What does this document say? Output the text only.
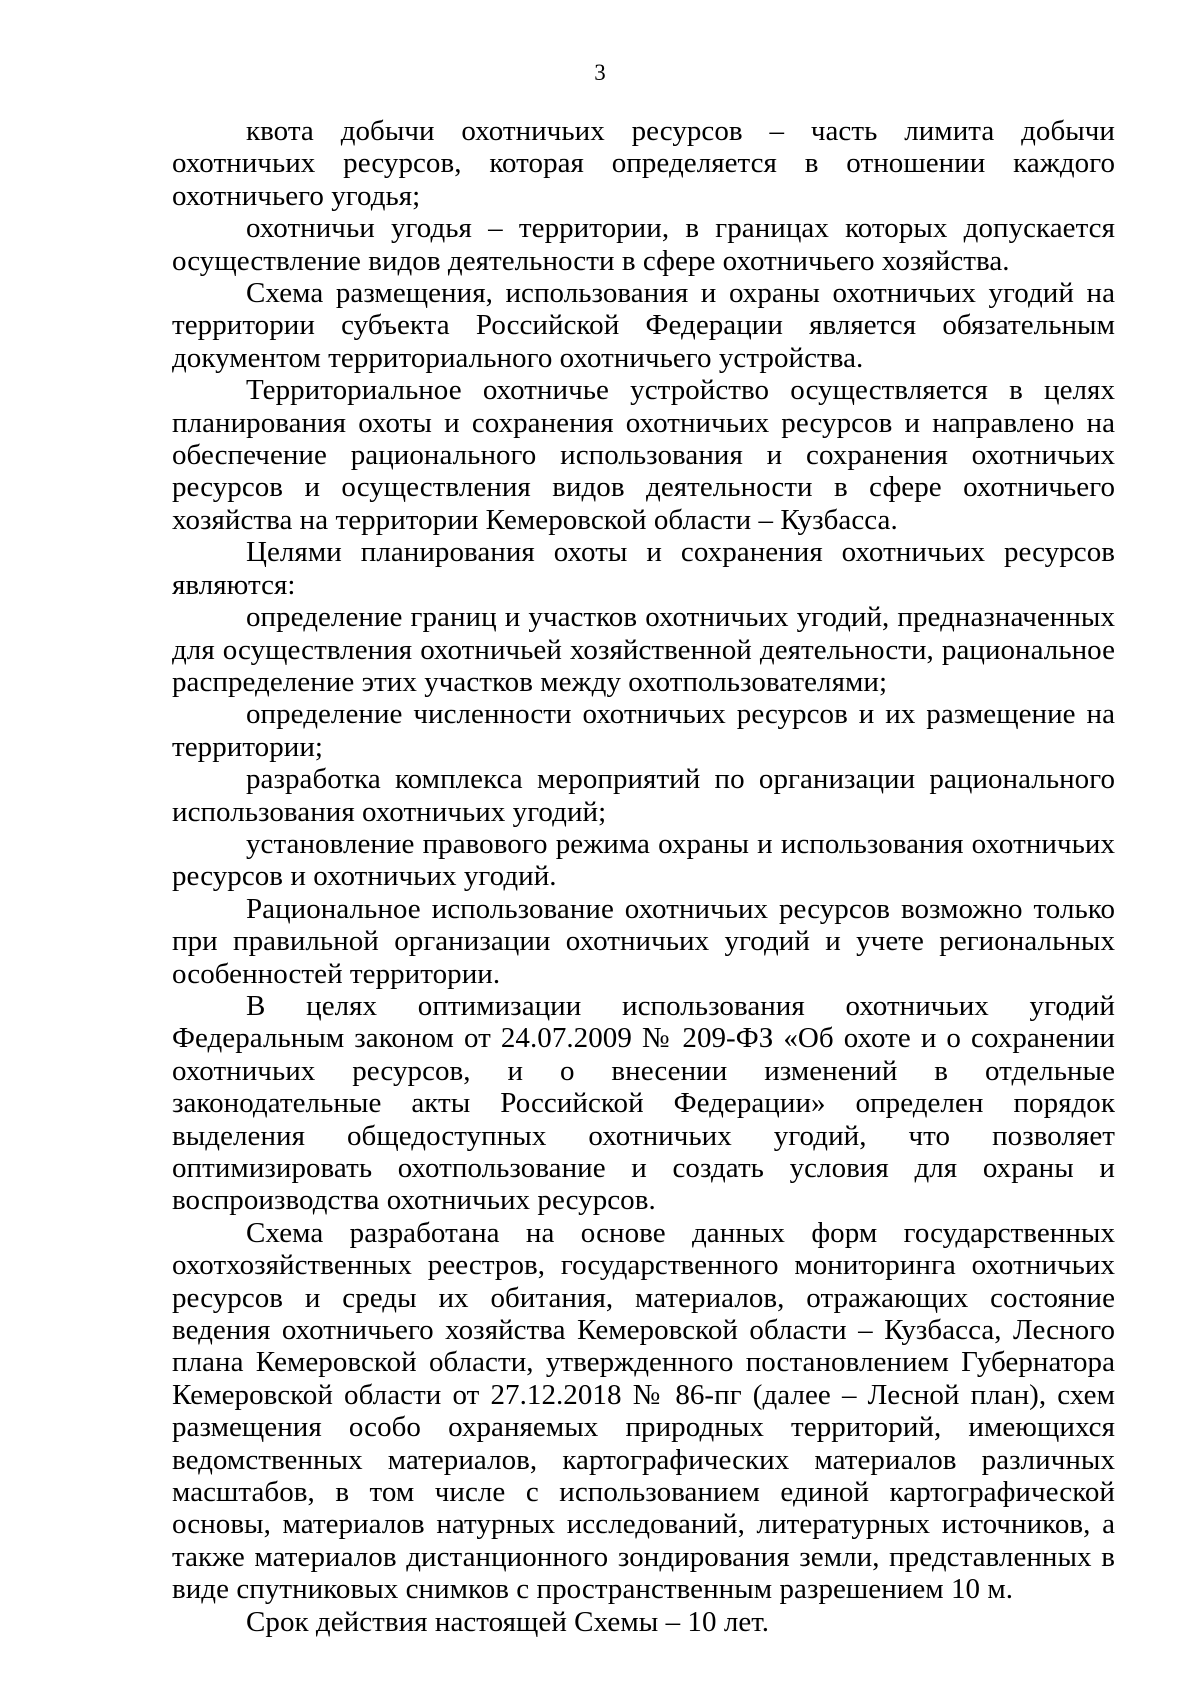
3

квота добычи охотничьих ресурсов – часть лимита добычи охотничьих ресурсов, которая определяется в отношении каждого охотничьего угодья;

охотничьи угодья – территории, в границах которых допускается осуществление видов деятельности в сфере охотничьего хозяйства.

Схема размещения, использования и охраны охотничьих угодий на территории субъекта Российской Федерации является обязательным документом территориального охотничьего устройства.

Территориальное охотничье устройство осуществляется в целях планирования охоты и сохранения охотничьих ресурсов и направлено на обеспечение рационального использования и сохранения охотничьих ресурсов и осуществления видов деятельности в сфере охотничьего хозяйства на территории Кемеровской области – Кузбасса.

Целями планирования охоты и сохранения охотничьих ресурсов являются:

определение границ и участков охотничьих угодий, предназначенных для осуществления охотничьей хозяйственной деятельности, рациональное распределение этих участков между охотпользователями;

определение численности охотничьих ресурсов и их размещение на территории;

разработка комплекса мероприятий по организации рационального использования охотничьих угодий;

установление правового режима охраны и использования охотничьих ресурсов и охотничьих угодий.

Рациональное использование охотничьих ресурсов возможно только при правильной организации охотничьих угодий и учете региональных особенностей территории.

В целях оптимизации использования охотничьих угодий Федеральным законом от 24.07.2009 № 209-ФЗ «Об охоте и о сохранении охотничьих ресурсов, и о внесении изменений в отдельные законодательные акты Российской Федерации» определен порядок выделения общедоступных охотничьих угодий, что позволяет оптимизировать охотпользование и создать условия для охраны и воспроизводства охотничьих ресурсов.

Схема разработана на основе данных форм государственных охотхозяйственных реестров, государственного мониторинга охотничьих ресурсов и среды их обитания, материалов, отражающих состояние ведения охотничьего хозяйства Кемеровской области – Кузбасса, Лесного плана Кемеровской области, утвержденного постановлением Губернатора Кемеровской области от 27.12.2018 № 86-пг (далее – Лесной план), схем размещения особо охраняемых природных территорий, имеющихся ведомственных материалов, картографических материалов различных масштабов, в том числе с использованием единой картографической основы, материалов натурных исследований, литературных источников, а также материалов дистанционного зондирования земли, представленных в виде спутниковых снимков с пространственным разрешением 10 м.

Срок действия настоящей Схемы – 10 лет.
